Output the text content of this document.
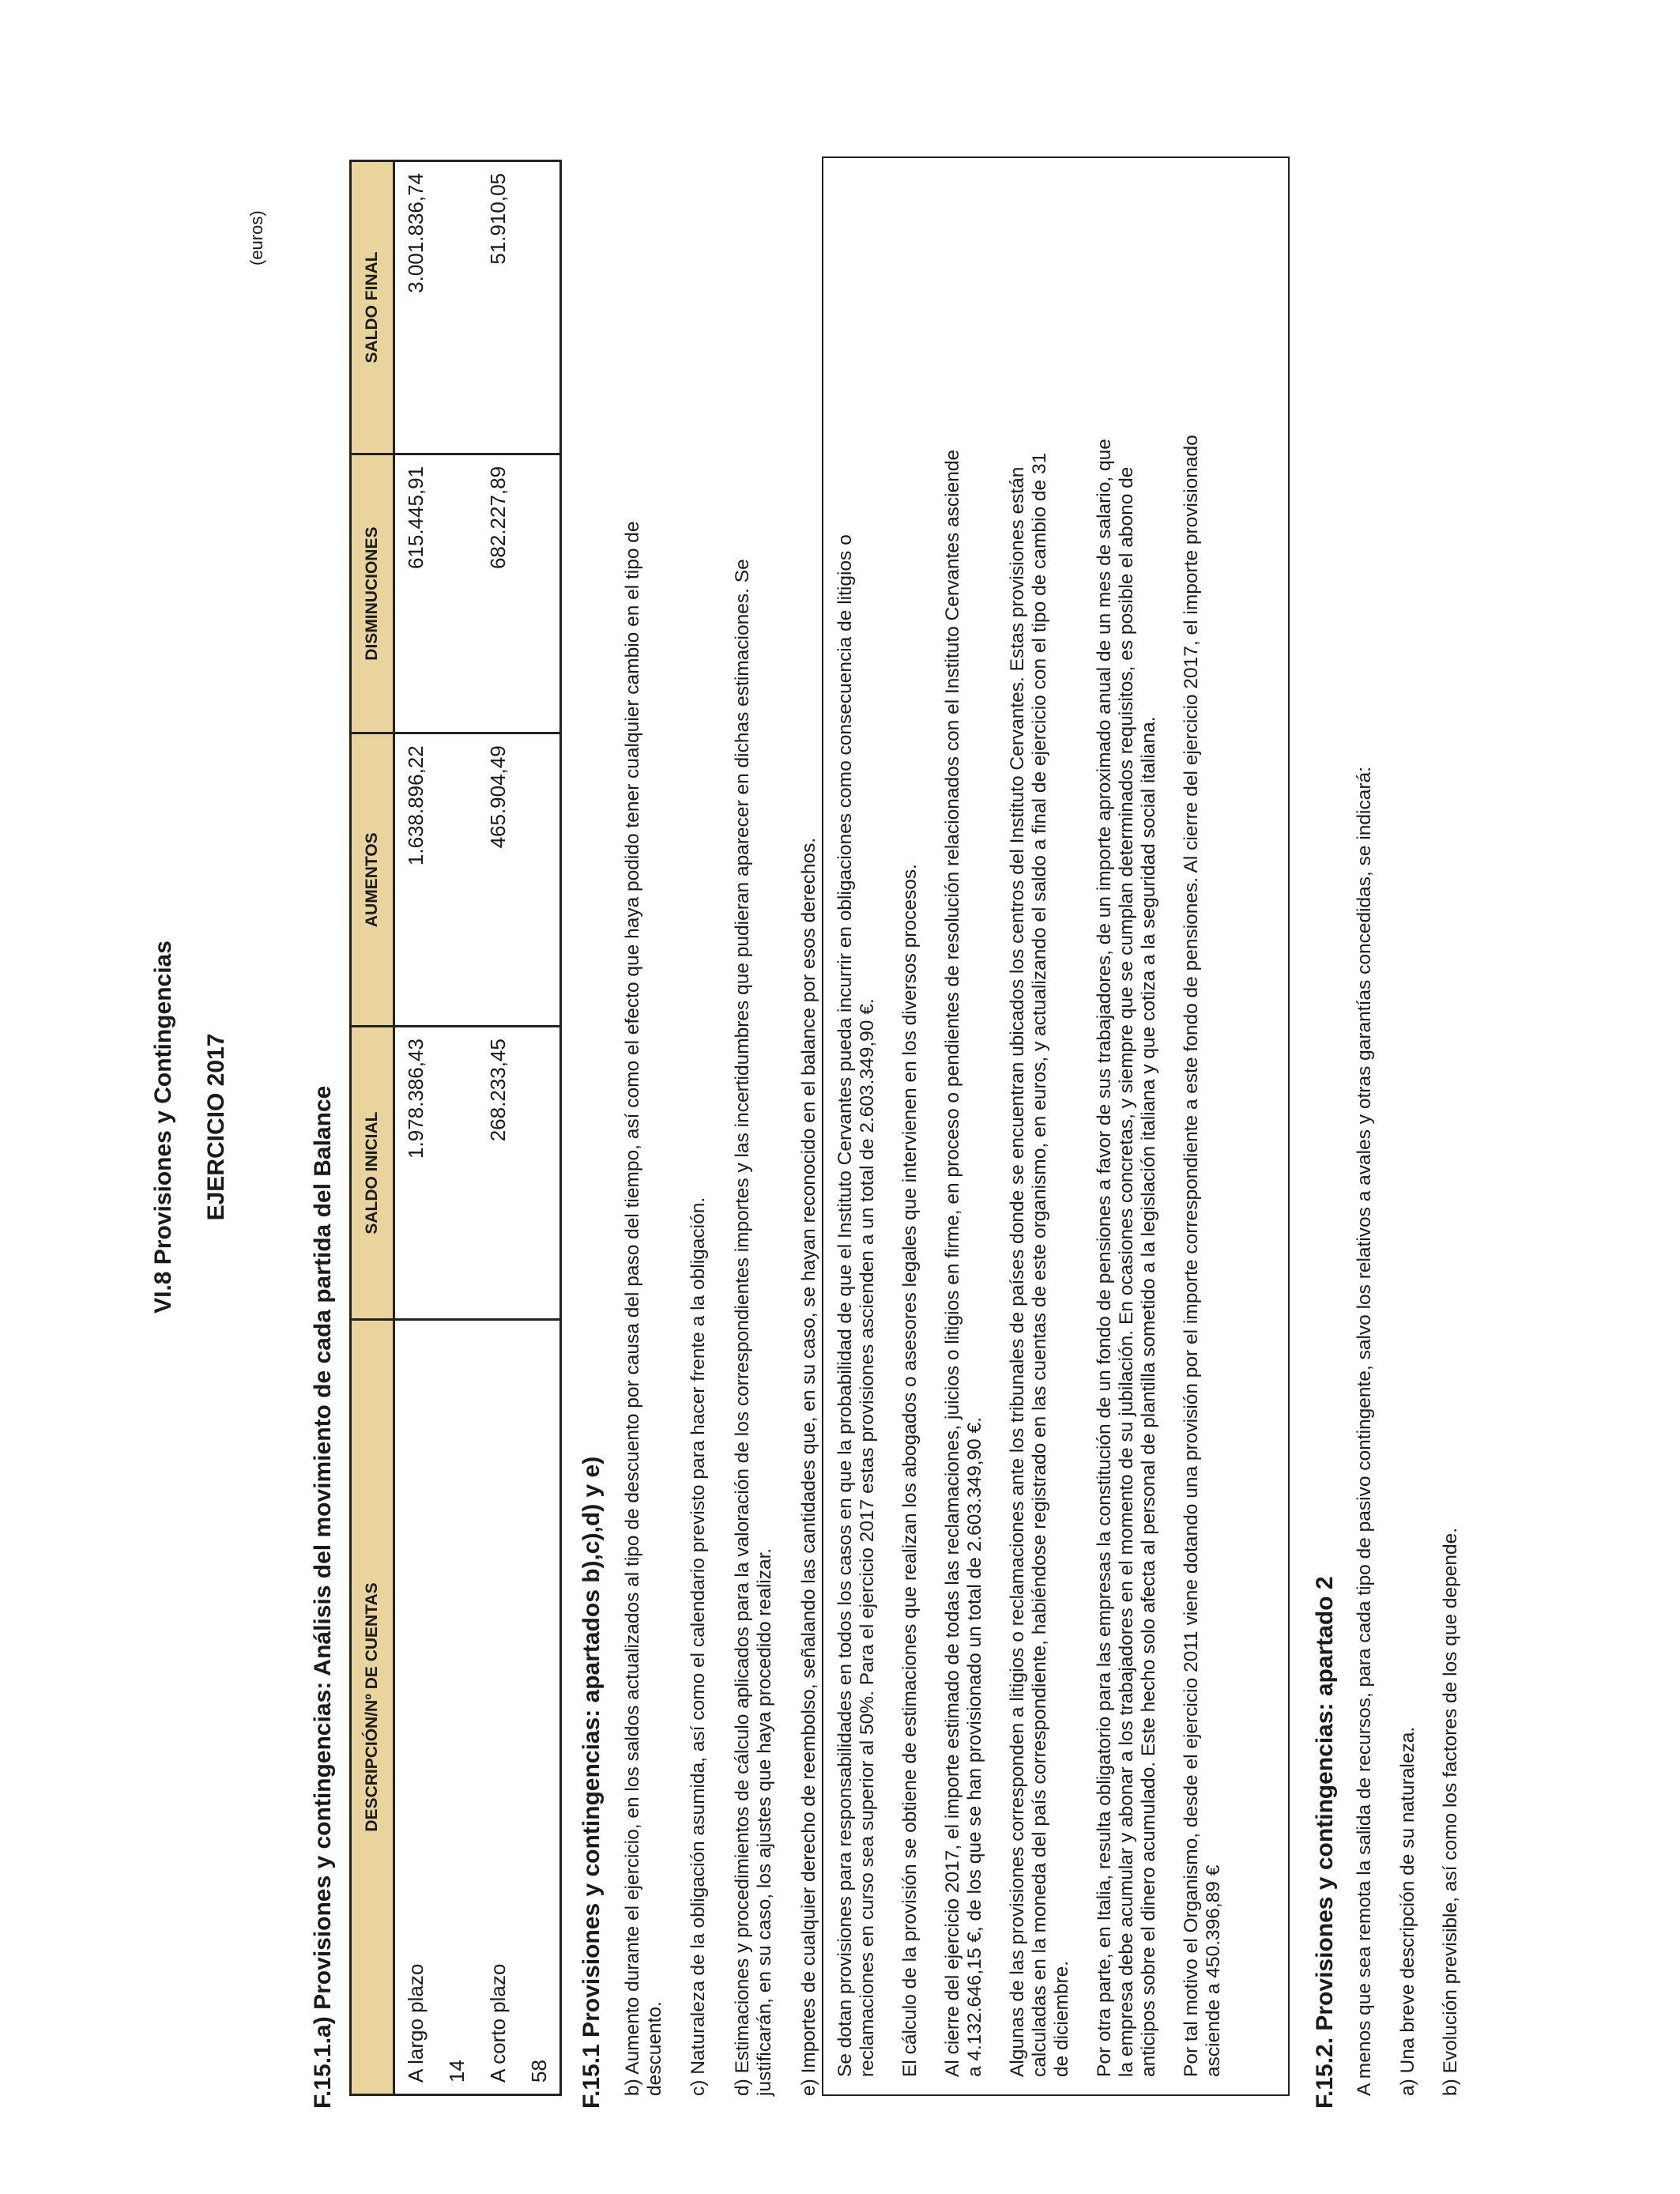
VI.8 Provisiones y Contingencias EJERCICIO 2017
(euros)
F.15.1.a) Provisiones y contingencias: Análisis del movimiento de cada partida del Balance DESCRIPCIÓN/Nº DE CUENTAS	SALDO INICIAL	AUMENTOS	DISMINUCIONES	SALDO FINAL

A largo plazo 14	1.978.386,43	1.638.896,22	615.445,91	3.001.836,74

A corto plazo 58	268.233,45	465.904,49	682.227,89	51.910,05
F.15.1 Provisiones y contingencias: apartados b),c),d) y e) b) Aumento durante el ejercicio, en los saldos actualizados al tipo de descuento por causa del paso del tiempo, así como el efecto que haya podido tener cualquier cambio en el tipo de descuento. c) Naturaleza de la obligación asumida, así como el calendario previsto para hacer frente a la obligación. d) Estimaciones y procedimientos de cálculo aplicados para la valoración de los correspondientes importes y las incertidumbres que pudieran aparecer en dichas estimaciones. Se justificarán, en su caso, los ajustes que haya procedido realizar. e) Importes de cualquier derecho de reembolso, señalando las cantidades que, en su caso, se hayan reconocido en el balance por esos derechos. Se dotan provisiones para responsabilidades en todos los casos en que la probabilidad de que el Instituto Cervantes pueda incurrir en obligaciones como consecuencia de litigios o reclamaciones en curso sea superior al 50%. Para el ejercicio 2017 estas provisiones ascienden a un total de 2.603.349,90 €. El cálculo de la provisión se obtiene de estimaciones que realizan los abogados o asesores legales que intervienen en los diversos procesos. Al cierre del ejercicio 2017, el importe estimado de todas las reclamaciones, juicios o litigios en firme, en proceso o pendientes de resolución relacionados con el Instituto Cervantes asciende a 4.132.646,15 €, de los que se han provisionado un total de 2.603.349,90 €. Algunas de las provisiones corresponden a litigios o reclamaciones ante los tribunales de países donde se encuentran ubicados los centros del Instituto Cervantes. Estas provisiones están calculadas en la moneda del país correspondiente, habiéndose registrado en las cuentas de este organismo, en euros, y actualizando el saldo a final de ejercicio con el tipo de cambio de 31 de diciembre. Por otra parte, en Italia, resulta obligatorio para las empresas la constitución de un fondo de pensiones a favor de sus trabajadores, de un importe aproximado anual de un mes de salario, que la empresa debe acumular y abonar a los trabajadores en el momento de su jubilación. En ocasiones concretas, y siempre que se cumplan determinados requisitos, es posible el abono de anticipos sobre el dinero acumulado. Este hecho solo afecta al personal de plantilla sometido a la legislación italiana y que cotiza a la seguridad social italiana. Por tal motivo el Organismo, desde el ejercicio 2011 viene dotando una provisión por el importe correspondiente a este fondo de pensiones. Al cierre del ejercicio 2017, el importe provisionado asciende a 450.396,89 €	F.15.2. Provisiones y contingencias: apartado 2 A menos que sea remota la salida de recursos, para cada tipo de pasivo contingente, salvo los relativos a avales y otras garantías concedidas, se indicará: a) Una breve descripción de su naturaleza. b) Evolución previsible, así como los factores de los que depende.
